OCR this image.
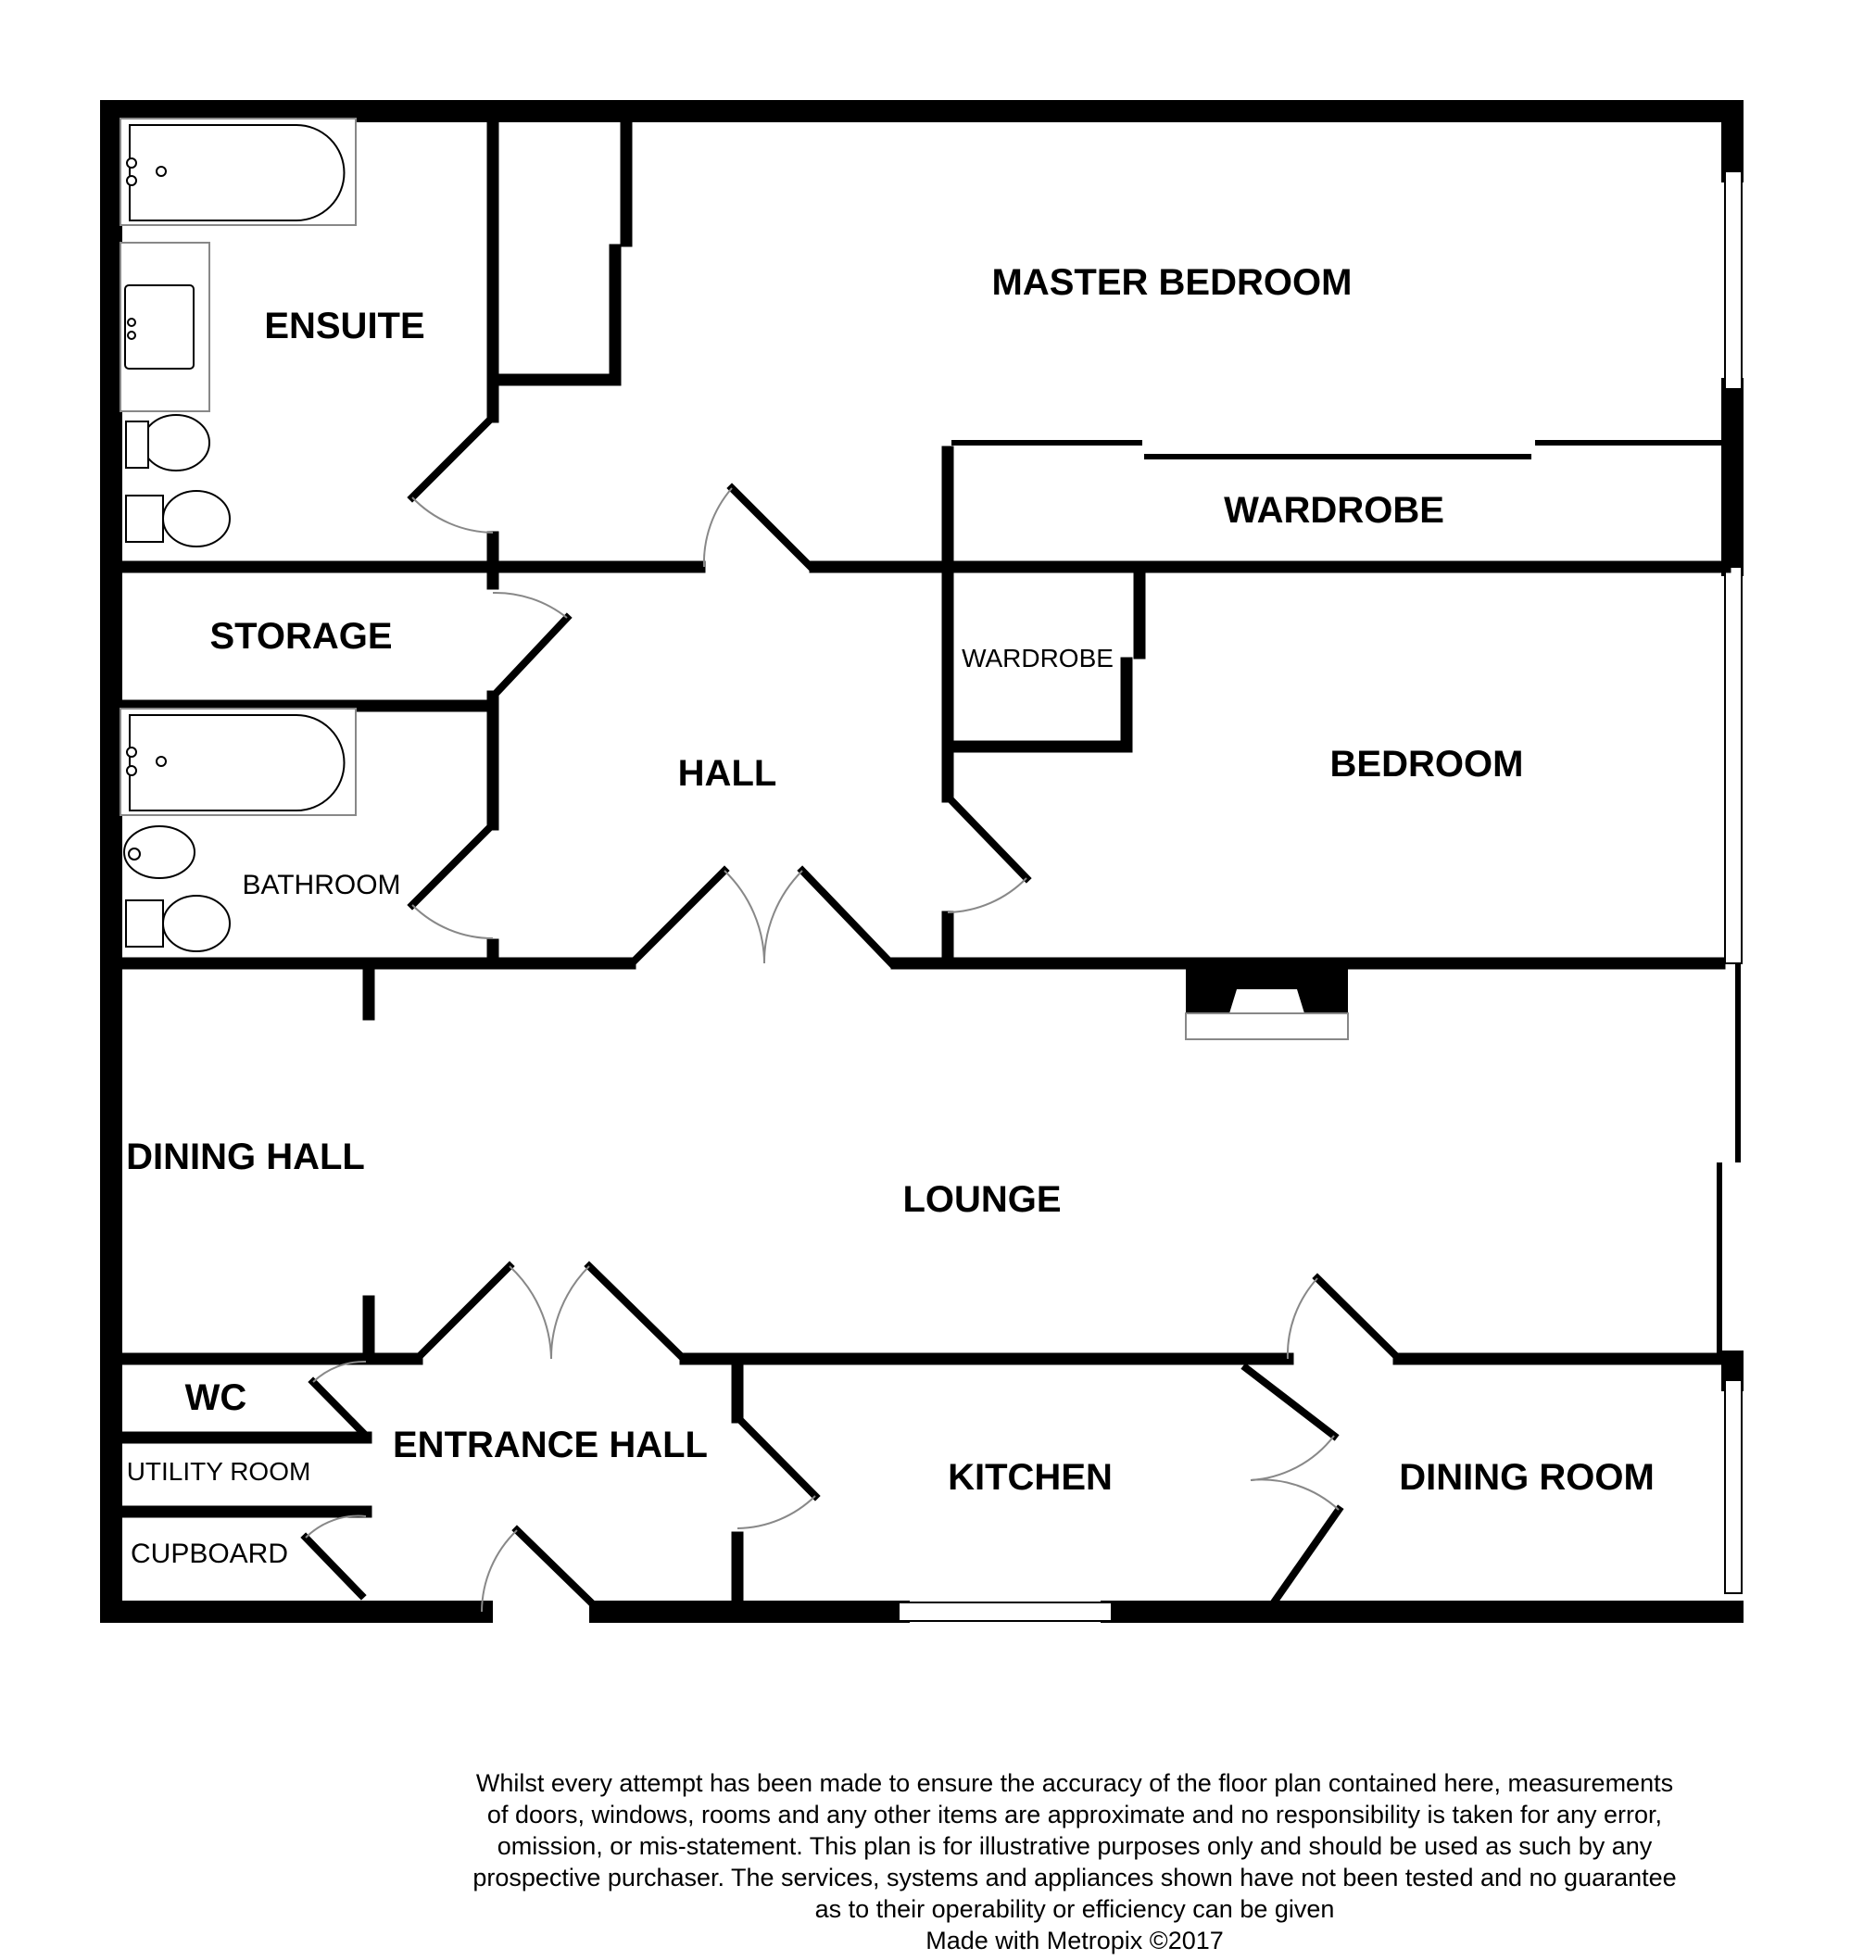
ENSUITE
MASTER BEDROOM
WARDROBE
STORAGE
WARDROBE
HALL	BEDROOM
BATHROOM
DINING HALL
LOUNGE
WC
ENTRANCE HALL
UTILITY ROOM	KITCHEN	DINING ROOM
CUPBOARD
Whilst every attempt has been made to ensure the accuracy of the floor plan contained here, measurements
of doors, windows, rooms and any other items are approximate and no responsibility is taken for any error,
omission, or mis-statement. This plan is for illustrative purposes only and should be used as such by any
prospective purchaser. The services, systems and appliances shown have not been tested and no guarantee
as to their operability or efficiency can be given
Made with Metropix ©2017
